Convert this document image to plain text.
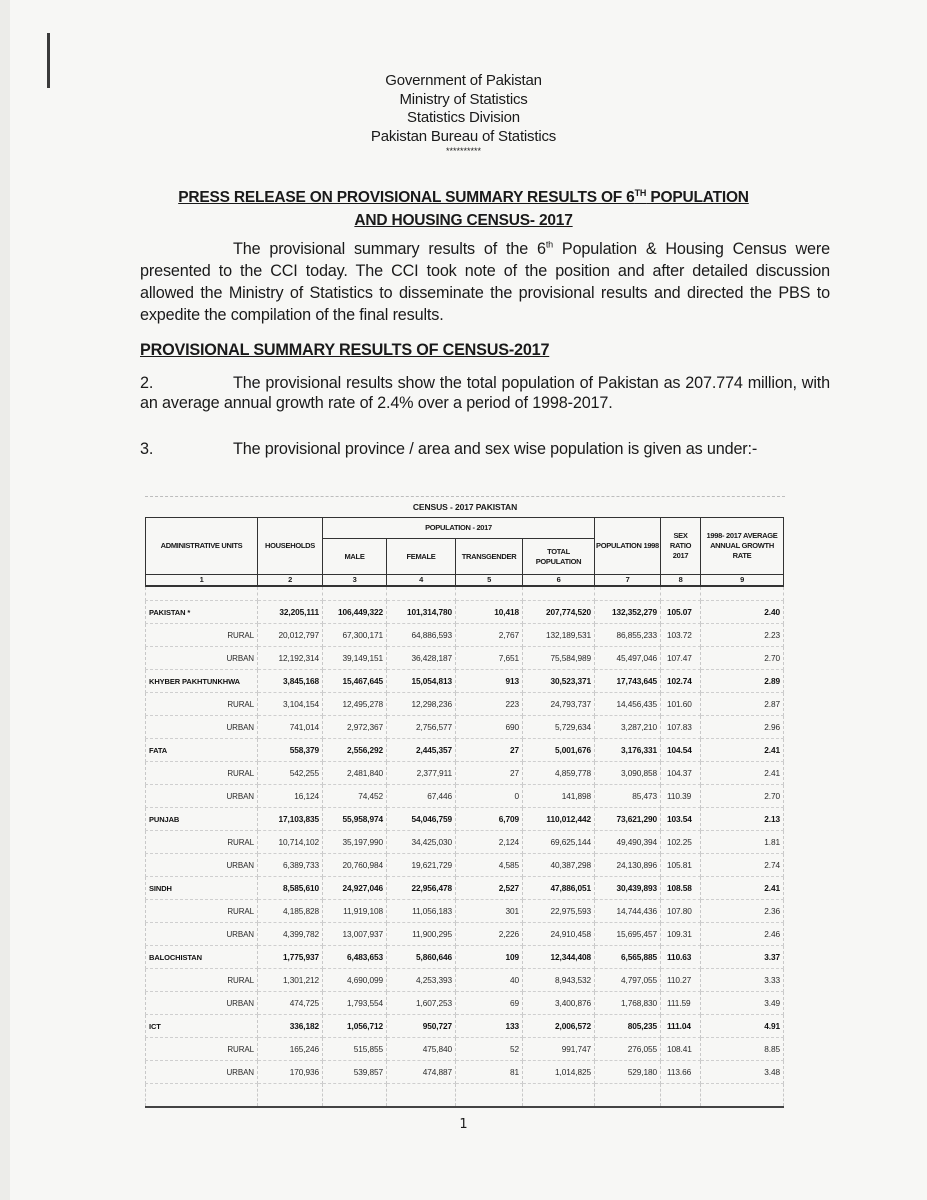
Government of Pakistan
Ministry of Statistics
Statistics Division
Pakistan Bureau of Statistics
**********
PRESS RELEASE ON PROVISIONAL SUMMARY RESULTS OF 6TH POPULATION
AND HOUSING CENSUS- 2017
The provisional summary results of the 6th Population & Housing Census were presented to the CCI today. The CCI took note of the position and after detailed discussion allowed the Ministry of Statistics to disseminate the provisional results and directed the PBS to expedite the compilation of the final results.
PROVISIONAL SUMMARY RESULTS OF CENSUS-2017
2.	The provisional results show the total population of Pakistan as 207.774 million, with an average annual growth rate of 2.4% over a period of 1998-2017.
3.	The provisional province / area and sex wise population is given as under:-
CENSUS - 2017 PAKISTAN
ADMINISTRATIVE UNITS	HOUSEHOLDS	POPULATION - 2017				POPULATION 1998	SEX RATIO 2017	1998- 2017 AVERAGE ANNUAL GROWTH RATE
		MALE	FEMALE	TRANSGENDER	TOTAL POPULATION			
1	2	3	4	5	6	7	8	9

PAKISTAN *	32,205,111	106,449,322	101,314,780	10,418	207,774,520	132,352,279	105.07	2.40
RURAL	20,012,797	67,300,171	64,886,593	2,767	132,189,531	86,855,233	103.72	2.23
URBAN	12,192,314	39,149,151	36,428,187	7,651	75,584,989	45,497,046	107.47	2.70
KHYBER PAKHTUNKHWA	3,845,168	15,467,645	15,054,813	913	30,523,371	17,743,645	102.74	2.89
RURAL	3,104,154	12,495,278	12,298,236	223	24,793,737	14,456,435	101.60	2.87
URBAN	741,014	2,972,367	2,756,577	690	5,729,634	3,287,210	107.83	2.96
FATA	558,379	2,556,292	2,445,357	27	5,001,676	3,176,331	104.54	2.41
RURAL	542,255	2,481,840	2,377,911	27	4,859,778	3,090,858	104.37	2.41
URBAN	16,124	74,452	67,446	0	141,898	85,473	110.39	2.70
PUNJAB	17,103,835	55,958,974	54,046,759	6,709	110,012,442	73,621,290	103.54	2.13
RURAL	10,714,102	35,197,990	34,425,030	2,124	69,625,144	49,490,394	102.25	1.81
URBAN	6,389,733	20,760,984	19,621,729	4,585	40,387,298	24,130,896	105.81	2.74
SINDH	8,585,610	24,927,046	22,956,478	2,527	47,886,051	30,439,893	108.58	2.41
RURAL	4,185,828	11,919,108	11,056,183	301	22,975,593	14,744,436	107.80	2.36
URBAN	4,399,782	13,007,937	11,900,295	2,226	24,910,458	15,695,457	109.31	2.46
BALOCHISTAN	1,775,937	6,483,653	5,860,646	109	12,344,408	6,565,885	110.63	3.37
RURAL	1,301,212	4,690,099	4,253,393	40	8,943,532	4,797,055	110.27	3.33
URBAN	474,725	1,793,554	1,607,253	69	3,400,876	1,768,830	111.59	3.49
ICT	336,182	1,056,712	950,727	133	2,006,572	805,235	111.04	4.91
RURAL	165,246	515,855	475,840	52	991,747	276,055	108.41	8.85
URBAN	170,936	539,857	474,887	81	1,014,825	529,180	113.66	3.48

1
